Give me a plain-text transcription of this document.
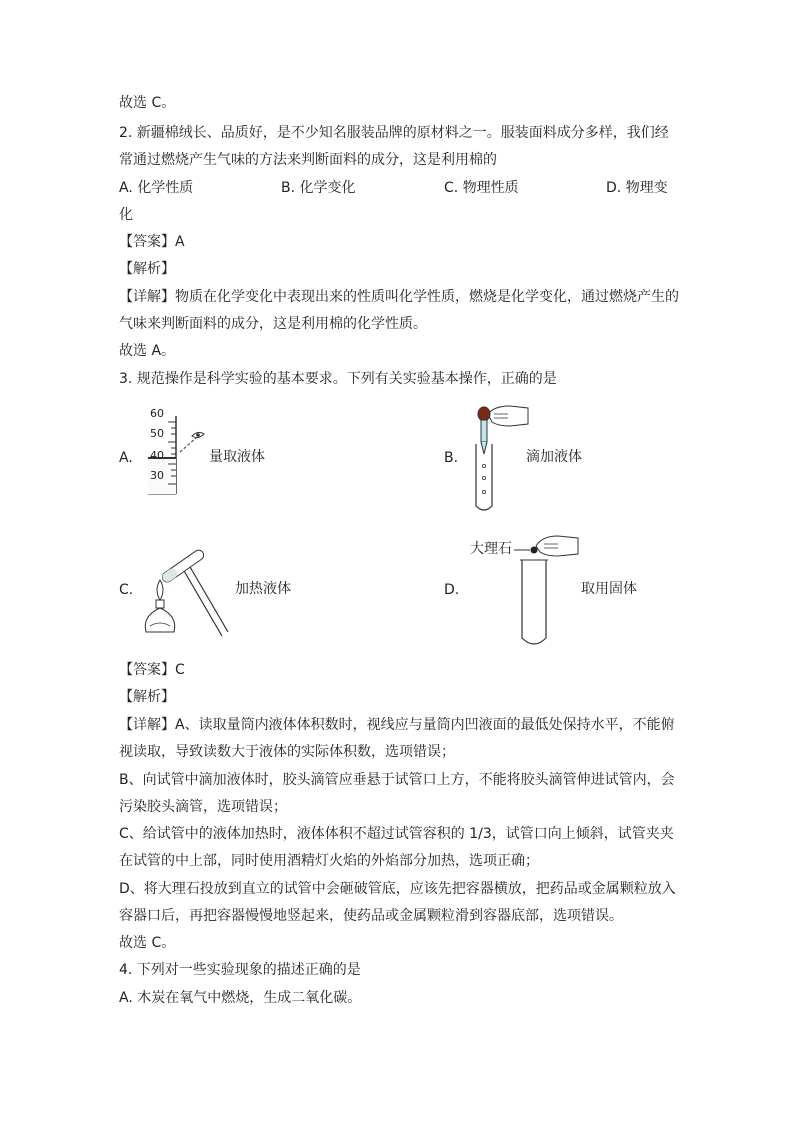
故选 C。
2. 新疆棉绒长、品质好，是不少知名服装品牌的原材料之一。服装面料成分多样，我们经
常通过燃烧产生气味的方法来判断面料的成分，这是利用棉的
A. 化学性质	B. 化学变化	C. 物理性质	D. 物理变
化
【答案】A
【解析】
【详解】物质在化学变化中表现出来的性质叫化学性质，燃烧是化学变化，通过燃烧产生的
气味来判断面料的成分，这是利用棉的化学性质。
故选 A。
3. 规范操作是科学实验的基本要求。下列有关实验基本操作，正确的是
A.
60
50
40
30
量取液体	B.	滴加液体
C.	加热液体	D.
大理石
取用固体
【答案】C
【解析】
【详解】A、读取量筒内液体体积数时，视线应与量筒内凹液面的最低处保持水平，不能俯
视读取，导致读数大于液体的实际体积数，选项错误；
B、向试管中滴加液体时，胶头滴管应垂悬于试管口上方，不能将胶头滴管伸进试管内，会
污染胶头滴管，选项错误；
C、给试管中的液体加热时，液体体积不超过试管容积的 1/3，试管口向上倾斜，试管夹夹
在试管的中上部，同时使用酒精灯火焰的外焰部分加热，选项正确；
D、将大理石投放到直立的试管中会砸破管底，应该先把容器横放，把药品或金属颗粒放入
容器口后，再把容器慢慢地竖起来，使药品或金属颗粒滑到容器底部，选项错误。
故选 C。
4. 下列对一些实验现象的描述正确的是
A. 木炭在氧气中燃烧，生成二氧化碳。
